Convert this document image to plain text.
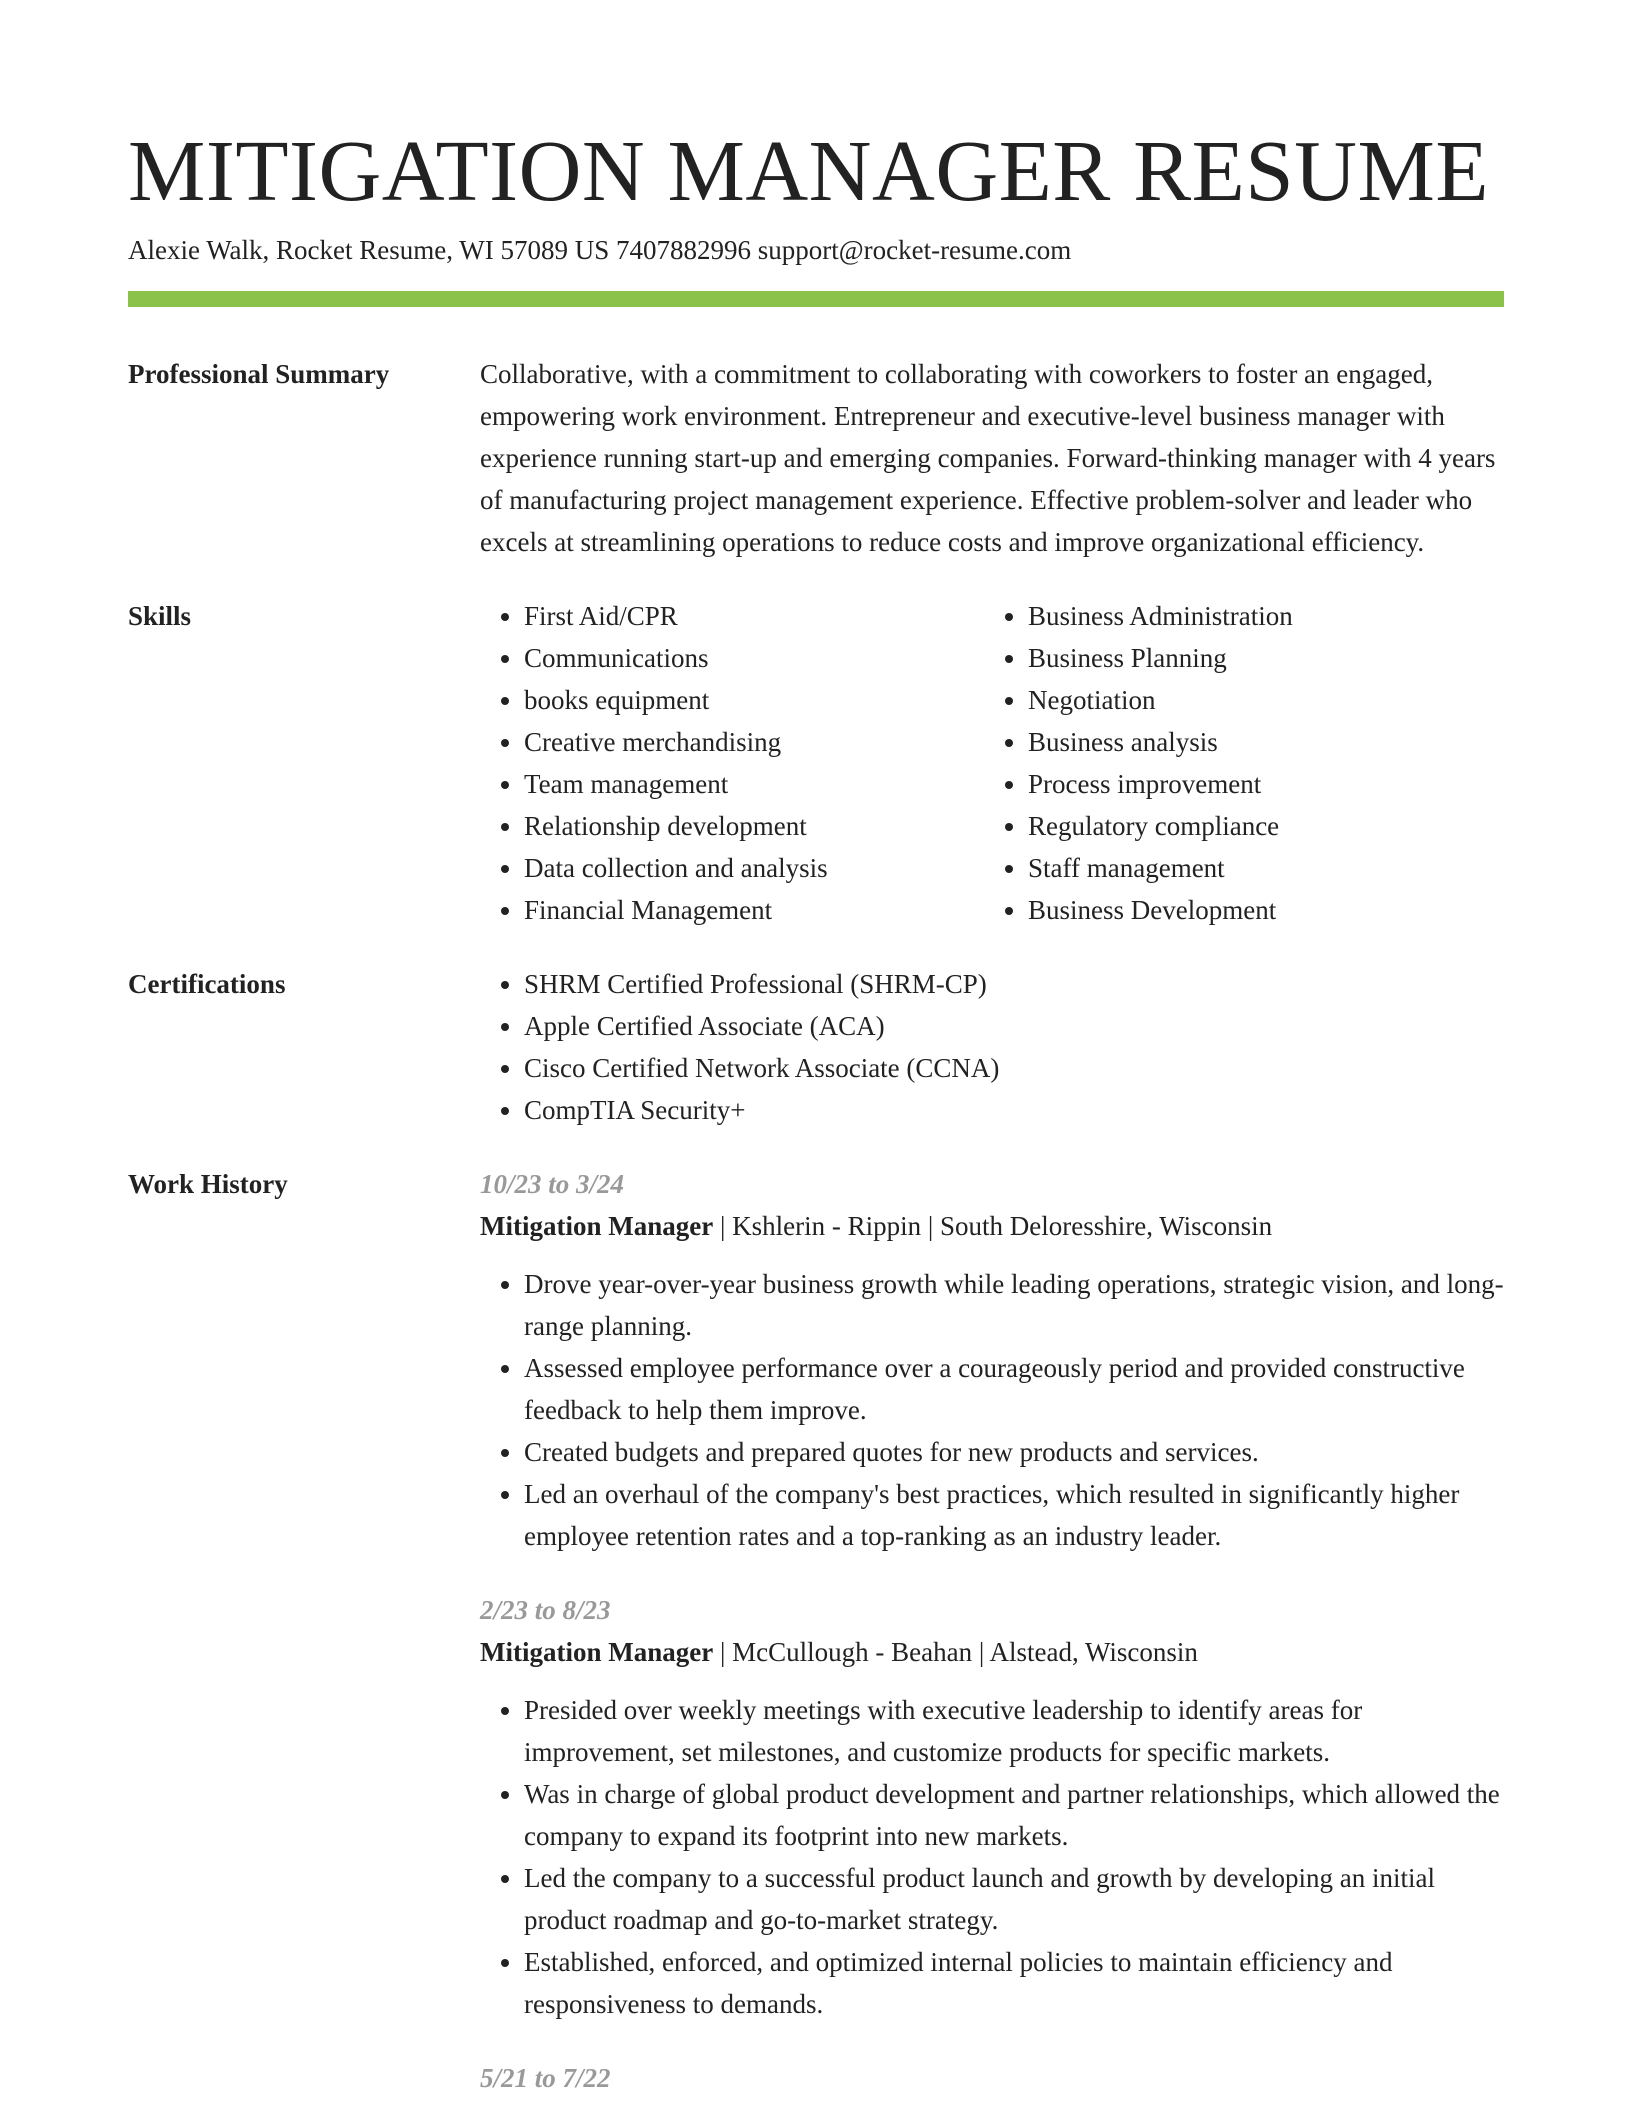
MITIGATION MANAGER RESUME
Alexie Walk, Rocket Resume, WI 57089 US 7407882996 support@rocket-resume.com
Professional Summary	Collaborative, with a commitment to collaborating with coworkers to foster an engaged, empowering work environment. Entrepreneur and executive-level business manager with experience running start-up and emerging companies. Forward-thinking manager with 4 years of manufacturing project management experience. Effective problem-solver and leader who excels at streamlining operations to reduce costs and improve organizational efficiency.

Skills	• First Aid/CPR
• Communications
• books equipment
• Creative merchandising
• Team management
• Relationship development
• Data collection and analysis
• Financial Management
• Business Administration
• Business Planning
• Negotiation
• Business analysis
• Process improvement
• Regulatory compliance
• Staff management
• Business Development
Certifications	• SHRM Certified Professional (SHRM-CP)
• Apple Certified Associate (ACA)
• Cisco Certified Network Associate (CCNA)
• CompTIA Security+
Work History	10/23 to 3/24
Mitigation Manager | Kshlerin - Rippin | South Deloresshire, Wisconsin
• Drove year-over-year business growth while leading operations, strategic vision, and long-range planning.
• Assessed employee performance over a courageously period and provided constructive feedback to help them improve.
• Created budgets and prepared quotes for new products and services.
• Led an overhaul of the company's best practices, which resulted in significantly higher employee retention rates and a top-ranking as an industry leader.
2/23 to 8/23
Mitigation Manager | McCullough - Beahan | Alstead, Wisconsin
• Presided over weekly meetings with executive leadership to identify areas for improvement, set milestones, and customize products for specific markets.
• Was in charge of global product development and partner relationships, which allowed the company to expand its footprint into new markets.
• Led the company to a successful product launch and growth by developing an initial product roadmap and go-to-market strategy.
• Established, enforced, and optimized internal policies to maintain efficiency and responsiveness to demands.
5/21 to 7/22
